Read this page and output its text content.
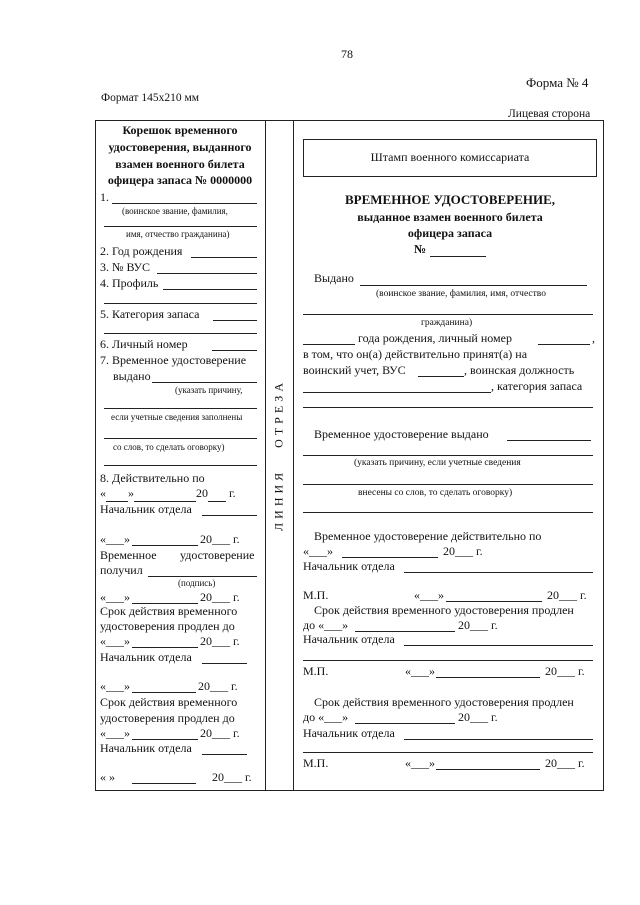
78
Форма № 4
Формат 145х210 мм
Лицевая сторона
ЛИНИЯ   ОТРЕЗА
Корешок временного
удостоверения, выданного
взамен военного билета
офицера запаса № 0000000
1.
(воинское звание, фамилия,
имя, отчество гражданина)
2. Год рождения
3. № ВУС
4. Профиль
5. Категория запаса
6. Личный номер
7. Временное удостоверение
выдано
(указать причину,
если учетные сведения заполнены
со слов, то сделать оговорку)
8. Действительно по
« »	20 г.
Начальник отдела
«___»	20___ г.
Временное удостоверение
получил
(подпись)
«___»	20___ г.
Срок действия временного
удостоверения продлен до
«___»	20___ г.
Начальник отдела
«___»	20___ г.
Срок действия временного
удостоверения продлен до
«___»	20___ г.
Начальник отдела
« »	20___ г.
Штамп военного комиссариата
ВРЕМЕННОЕ УДОСТОВЕРЕНИЕ,
выданное взамен военного билета
офицера запаса
№
Выдано
(воинское звание, фамилия, имя, отчество
гражданина)
года рождения, личный номер	,
в том, что он(а) действительно принят(а) на
воинский учет, ВУС	, воинская должность
, категория запаса
Временное удостоверение выдано
(указать причину, если учетные сведения
внесены со слов, то сделать оговорку)
Временное удостоверение действительно по
«___»	20___ г.
Начальник отдела
М.П.	«___»	20___ г.
Срок действия временного удостоверения продлен
до «___»	20___ г.
Начальник отдела
М.П.	«___»	20___ г.
Срок действия временного удостоверения продлен
до «___»	20___ г.
Начальник отдела
М.П.	«___»	20___ г.
